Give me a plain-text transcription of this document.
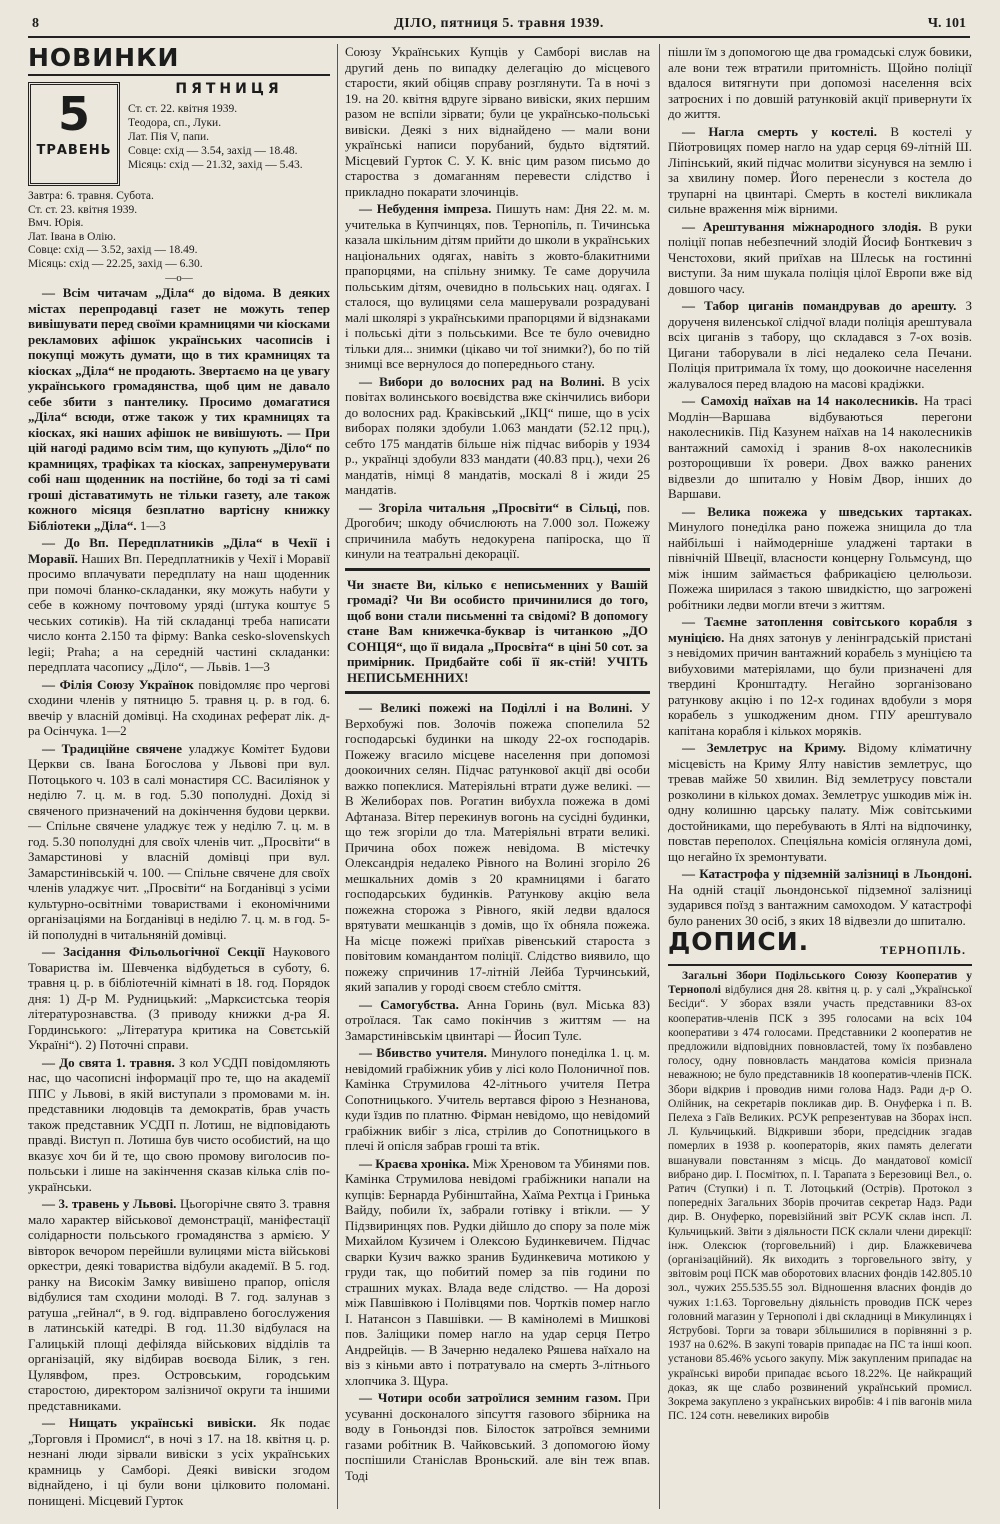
8	ДІЛО, пятниця 5. травня 1939.	Ч. 101
НОВИНКИ
5
ТРАВЕНЬ
ПЯТНИЦЯ
Ст. ст. 22. квітня 1939.
Теодора, сп., Луки.
Лат. Пія V, папи.
Совце: схід — 3.54, захід — 18.48.
Місяць: схід — 21.32, захід — 5.43.
Завтра: 6. травня. Субота.
Ст. ст. 23. квітня 1939.
Вмч. Юрія.
Лат. Івана в Олію.
Совце: схід — 3.52, захід — 18.49.
Місяць: схід — 22.25, захід — 6.30.
—о—

— Всім читачам „Діла“ до відома. В деяких містах перепродавці газет не можуть тепер вивішувати перед своїми крамницями чи кіосками рекламових афішок українських часописів і покупці можуть думати, що в тих крамницях та кіосках „Діла“ не продають. Звертаємо на це увагу українського громадянства, щоб цим не давало себе збити з пантелику. Просимо домагатися „Діла“ всюди, отже також у тих крамницях та кіосках, які наших афішок не вивішують. — При цій нагоді радимо всім тим, що купують „Діло“ по крамницях, трафіках та кіосках, запренумерувати собі наш щоденник на постійне, бо тоді за ті самі гроші діставатимуть не тільки газету, але також кожного місяця безплатно вартісну книжку Бібліотеки „Діла“. 1—3

— До Вп. Передплатників „Діла“ в Чехії і Моравії. Наших Вп. Передплатників у Чехії і Моравії просимо вплачувати передплату на наш щоденник при помочі бланко-складанки, яку можуть набути у себе в кожному почтовому уряді (штука коштує 5 чеських сотиків). На тій складанці треба написати число конта 2.150 та фірму: Banka cesko-slovenskych legii; Praha; а на середній частині складанки: передплата часопису „Діло“, — Львів. 1—3

— Філія Союзу Українок повідомляє про чергові сходини членів у пятницю 5. травня ц. р. в год. 6. ввечір у власній домівці. На сходинах реферат лік. д-ра Осінчука. 1—2

— Традиційне свячене уладжує Комітет Будови Церкви св. Івана Богослова у Львові при вул. Потоцького ч. 103 в салі монастиря СС. Василіянок у неділю 7. ц. м. в год. 5.30 пополудні. Дохід зі свяченого призначений на докінчення будови церкви. — Спільне свячене уладжує теж у неділю 7. ц. м. в год. 5.30 пополудні для своїх членів чит. „Просвіти“ в Замарстинові у власній домівці при вул. Замарстинівській ч. 100. — Спільне свячене для своїх членів уладжує чит. „Просвіти“ на Богданівці з усіми культурно-освітніми товариствами і економічними організаціями на Богданівці в неділю 7. ц. м. в год. 5-ій пополудні в читальняній домівці.

— Засідання Фільольогічної Секції Наукового Товариства ім. Шевченка відбудеться в суботу, 6. травня ц. р. в бібліотечній кімнаті в 18. год. Порядок дня: 1) Д-р М. Рудницький: „Марксистська теорія літературознавства. (З приводу книжки д-ра Я. Гординського: „Література критика на Совєтській Україні“). 2) Поточні справи.

— До свята 1. травня. З кол УСДП повідомляють нас, що часописні інформації про те, що на академії ППС у Львові, в якій виступали з промовами м. ін. представники людовців та демократів, брав участь також представник УСДП п. Лотиш, не відповідають правді. Виступ п. Лотиша був чисто особистий, на що вказує хоч би й те, що свою промову виголосив по-польськи і лише на закінчення сказав кілька слів по-українськи.

— 3. травень у Львові. Цьогорічне свято 3. травня мало характер військової демонстрації, маніфестації солідарности польського громадянства з армією. У вівторок вечором перейшли вулицями міста військові оркестри, деякі товариства відбули академії. В 5. год. ранку на Високім Замку вивішено прапор, опісля відбулися там сходини молоді. В 7. год. залунав з ратуша „гейнал“, в 9. год. відправлено богослужения в латинській катедрі. В год. 11.30 відбулася на Галицькій площі дефіляда військових відділів та організацій, яку відбирав воєвода Білик, з ген. Цулявфом, през. Островським, городським старостою, директором залізничої округи та іншими представниками.

— Нищать українські вивіски. Як подає „Торговля і Промисл“, в ночі з 17. на 18. квітня ц. р. незнані люди зірвали вивіски з усіх українських крамниць у Самборі. Деякі вивіски згодом віднайдено, і ці були вони цілковито поломані. понищені. Місцевий Гурток

Союзу Українських Купців у Самборі вислав на другий день по випадку делегацію до місцевого старости, який обіцяв справу розглянути. Та в ночі з 19. на 20. квітня вдруге зірвано вивіски, яких першим разом не вспіли зірвати; були це українсько-польські вивіски. Деякі з них віднайдено — мали вони українські написи порубаний, будьто відтятий. Місцевий Гурток С. У. К. вніс цим разом письмо до староства з домаганням перевести слідство і прикладно покарати злочинців.

— Небудення імпреза. Пишуть нам: Дня 22. м. м. учителька в Купчинцях, пов. Тернопіль, п. Тичинська казала шкільним дітям прийти до школи в українських національних одягах, навіть з жовто-блакитними прапорцями, на спільну знимку. Те саме доручила польським дітям, очевидно в польських нац. одягах. І сталося, що вулицями села машерували розрадувані малі школярі з українськими прапорцями й відзнаками і польські діти з польськими. Все те було очевидно тільки для... знимки (цікаво чи тої знимки?), бо по тій знимці все вернулося до попереднього стану.

— Вибори до волосних рад на Волині. В усіх повітах волинського воєвідства вже скінчились вибори до волосних рад. Краківський „ІКЦ“ пише, що в усіх виборах поляки здобули 1.063 мандати (52.12 прц.), себто 175 мандатів більше ніж підчас виборів у 1934 р., українці здобули 833 мандати (40.83 прц.), чехи 26 мандатів, німці 8 мандатів, москалі 8 і жиди 25 мандатів.

— Згоріла читальня „Просвіти“ в Сільці, пов. Дрогобич; шкоду обчислюють на 7.000 зол. Пожежу спричинила мабуть недокурена папіроска, що її кинули на театральні декорації.

Чи знаєте Ви, кілько є неписьменних у Вашій громаді? Чи Ви особисто причинилися до того, щоб вони стали письменні та свідомі? В допомогу стане Вам книжечка-буквар із читанкою „ДО СОНЦЯ“, що її видала „Просвіта“ в ціні 50 сот. за примірник. Придбайте собі її як-стій! УЧІТЬ НЕПИСЬМЕННИХ!

— Великі пожежі на Поділлі і на Волині. У Верхобужі пов. Золочів пожежа спопелила 52 господарські будинки на шкоду 22-ох господарів. Пожежу вгасило місцеве населення при допомозі доокоичних селян. Підчас ратункової акції дві особи важко попеклися. Матеріяльні втрати дуже великі. — В Желиборах пов. Рогатин вибухла пожежа в домі Афтаназа. Вітер перекинув вогонь на сусідні будинки, що теж згоріли до тла. Матеріяльні втрати великі. Причина обох пожеж невідома. В містечку Олександрія недалеко Рівного на Волині згоріло 26 мешкальних домів з 20 крамницями і багато господарських будинків. Ратункову акцію вела пожежна сторожа з Рівного, якій ледви вдалося врятувати мешканців з домів, що їх обняла пожежа. На місце пожежі приїхав рівенський староста з повітовим командантом поліції. Слідство виявило, що пожежу спричинив 17-літній Лейба Турчинський, який запалив у городі своєм стебло сміття.

— Самогубства. Анна Горинь (вул. Міська 83) отроїлася. Так само покінчив з життям — на Замарстинівськім цвинтарі — Йосип Тулє.

— Вбивство учителя. Минулого понеділка 1. ц. м. невідомий грабіжник убив у лісі коло Полоничної пов. Камінка Струмилова 42-літнього учителя Петра Сопотницького. Учитель вертався фірою з Незнанова, куди їздив по платню. Фірман невідомо, що невідомий грабіжник вибіг з ліса, стрілив до Сопотницького в плечі й опісля забрав гроші та втік.

— Краєва хроніка. Між Хреновом та Убинями пов. Камінка Струмилова невідомі грабіжники напали на купців: Бернарда Рубінштайна, Хаїма Рехтца і Гринька Вайду, побили їх, забрали готівку і втікли. — У Підзвиринцях пов. Рудки дійшло до спору за поле між Михайлом Кузичем і Олексою Будинкевичем. Підчас сварки Кузич важко зранив Будинкевича мотикою у груди так, що побитий помер за пів години по страшних муках. Влада веде слідство. — На дорозі між Павшівкою і Полівцями пов. Чортків помер нагло І. Натансон з Павшівки. — В камінолемі в Мишкові пов. Заліщики помер нагло на удар серця Петро Андрейців. — В Зачерню недалеко Ряшева наїхало на віз з кіньми авто і потратувало на смерть 3-літнього хлопчика З. Щура.

— Чотири особи затроїлися земним газом. При усуванні досконалого зіпсуття газового збірника на воду в Гоньондзі пов. Білосток затроївся земними газами робітник В. Чайковський. З допомогою йому поспішили Станіслав Вроньский. але він теж впав. Тоді

пішли їм з допомогою ще два громадські служ бовики, але вони теж втратили притомність. Щойно поліції вдалося витягнути при допомозі населення всіх затроєних і по довшій ратунковій акції привернути їх до життя.

— Нагла смерть у костелі. В костелі у Пйотровицях помер нагло на удар серця 69-літній Ш. Ліпінський, який підчас молитви зісунувся на землю і за хвилину помер. Його перенесли з костела до трупарні на цвинтарі. Смерть в костелі викликала сильне враження між вірними.

— Арештування міжнародного злодія. В руки поліції попав небезпечний злодій Йосиф Бонткевич з Ченстохови, який приїхав на Шлеськ на гостинні виступи. За ним шукала поліція цілої Европи вже від довшого часу.

— Табор циганів помандрував до арешту. З дорученя виленської слідчої влади поліція арештувала всіх циганів з табору, що складався з 7-ох возів. Цигани таборували в лісі недалеко села Печани. Поліція притримала їх тому, що доокоичне населення жалувалося перед владою на масові крадіжки.

— Самохід наїхав на 14 наколесників. На трасі Модлін—Варшава відбуваються перегони наколесників. Під Казунем наїхав на 14 наколесників вантажний самохід і зранив 8-ох наколесників розторощивши їх ровери. Двох важко ранених відвезли до шпиталю у Новім Двор, інших до Варшави.

— Велика пожежа у шведських тартаках. Минулого понеділка рано пожежа знищила до тла найбільші і наймодерніше уладжені тартаки в північній Швеції, власности концерну Гольмсунд, що між іншим займається фабрикацією целюльози. Пожежа ширилася з такою швидкістю, що загрожені робітники ледви могли втечи з життям.

— Таємне затоплення совітського корабля з муніцією. На днях затонув у ленінградській пристані з невідомих причин вантажний корабель з муніцією та вибуховими матеріялами, що були призначені для твердині Кронштадту. Негайно зорганізовано ратункову акцію і по 12-х годинах вдобули з моря корабель з ушкодженим дном. ГПУ арештувало капітана корабля і кількох моряків.

— Землетрус на Криму. Відому кліматичну місцевість на Криму Ялту навістив землетрус, що тревав майже 50 хвилин. Від землетрусу повстали розколини в кількох домах. Землетрус ушкодив між ін. одну колишню царську палату. Між совітськими достойниками, що перебувають в Ялті на відпочинку, повстав переполох. Спеціяльна комісія оглянула домі, що негайно їх зремонтувати.

— Катастрофа у підземній залізниці в Льондоні. На одній стації льондонської підземної залізниці зударився поїзд з вантажним самоходом. У катастрофі було ранених 30 осіб, з яких 18 відвезли до шпиталю.

ДОПИСИ.	ТЕРНОПІЛЬ.

Загальні Збори Подільського Союзу Кооператив у Тернополі відбулися дня 28. квітня ц. р. у салі „Української Бесіди“. У зборах взяли участь представники 83-ох кооператив-членів ПСК з 395 голосами на всіх 104 кооперативи з 474 голосами. Представники 2 кооператив не предложили відповідних повновластей, тому їх позбавлено голосу, одну повновласть мандатова комісія признала неважною; не було представників 18 кооператив-членів ПСК. Збори відкрив і проводив ними голова Надз. Ради д-р О. Олійник, на секретарів покликав дир. В. Онуферка і п. В. Пелеха з Гаїв Великих. РСУК репрезентував на Зборах інсп. Л. Кульчицький. Відкривши збори, предсідник згадав померлих в 1938 р. кооператорів, яких память делегати вшанували повстанням з місць. До мандатової комісії вибрано дир. І. Посмітюх, п. І. Тарапата з Березовиці Вел., о. Ратич (Ступки) і п. Т. Лотоцький (Острів). Протокол з попередніх Загальних Зборів прочитав секретар Надз. Ради дир. В. Онуферко, поревізійний звіт РСУК склав інсп. Л. Кульчицький. Звіти з діяльности ПСК склали члени дирекції: інж. Олексюк (торговельний) і дир. Блажкевичева (організаційний). Як виходить з торговельного звіту, у звітовім році ПСК мав оборотових власних фондів 142.805.10 зол., чужих 255.535.55 зол. Відношення власних фондів до чужих 1:1.63. Торговельну діяльність проводив ПСК через головний магазин у Тернополі і дві складниці в Микулинцях і Яструбові. Торги за товари збільшилися в порівнянні з р. 1937 на 0.62%. В закупі товарів припадає на ПС та інші кооп. установи 85.46% усього закупу. Між закупленим припадає на українські вироби припадає всього 18.22%. Це найкращий доказ, як ще слабо розвинений український промисл. Зокрема закуплено з українських виробів: 4 і пів вагонів мила ПС. 124 сотн. невеликих виробів
